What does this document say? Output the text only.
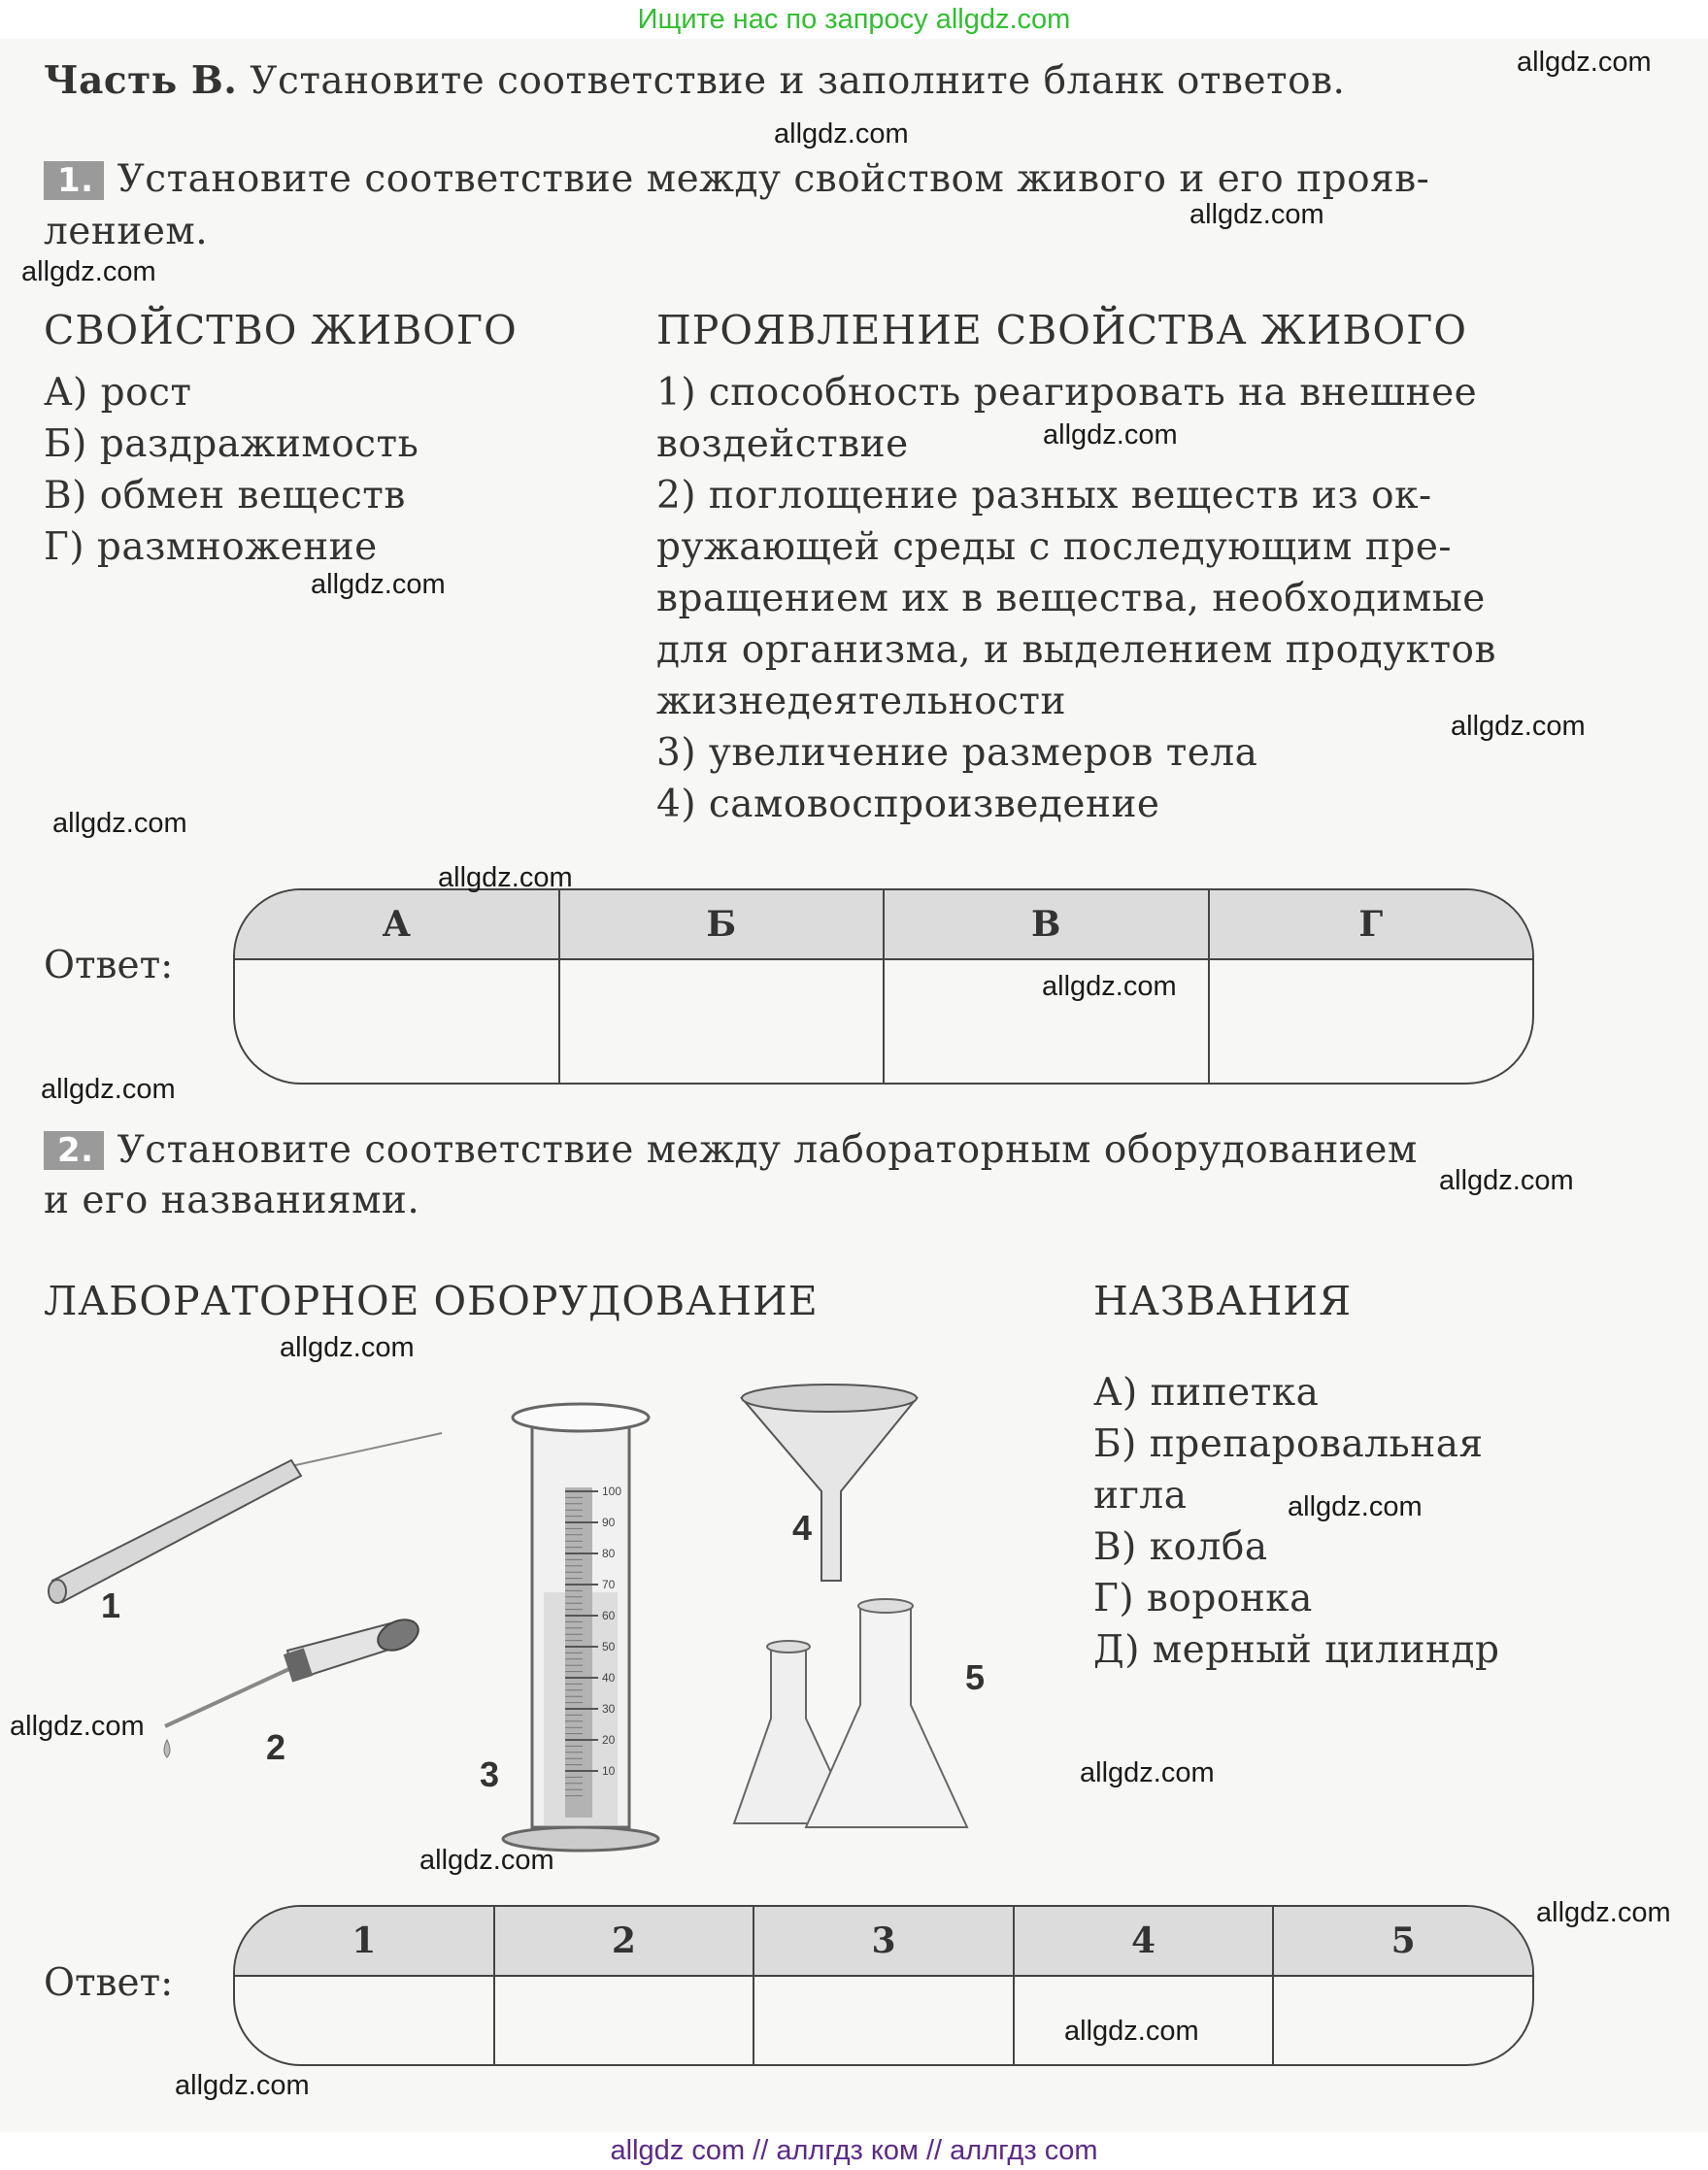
Ищите нас по запросу allgdz.com
allgdz com // аллгдз ком // аллгдз com
Часть В. Установите соответствие и заполните бланк ответов.
1. Установите соответствие между свойством живого и его прояв-
лением.
СВОЙСТВО ЖИВОГО	ПРОЯВЛЕНИЕ СВОЙСТВА ЖИВОГО
А) рост
Б) раздражимость
В) обмен веществ
Г) размножение
1) способность реагировать на внешнее
воздействие
2) поглощение разных веществ из ок-
ружающей среды с последующим пре-
вращением их в вещества, необходимые
для организма, и выделением продуктов
жизнедеятельности
3) увеличение размеров тела
4) самовоспроизведение
Ответ:
А	Б	В	Г
2. Установите соответствие между лабораторным оборудованием
и его названиями.
ЛАБОРАТОРНОЕ ОБОРУДОВАНИЕ	НАЗВАНИЯ
А) пипетка
Б) препаровальная
игла
В) колба
Г) воронка
Д) мерный цилиндр
100
90
80
70
60
50
40
30
20
10
1
2
3
4
5
Ответ:
1	2	3	4	5
allgdz.com
allgdz.com
allgdz.com
allgdz.com
allgdz.com
allgdz.com
allgdz.com
allgdz.com
allgdz.com
allgdz.com
allgdz.com
allgdz.com
allgdz.com
allgdz.com
allgdz.com
allgdz.com
allgdz.com
allgdz.com
allgdz.com
allgdz.com
